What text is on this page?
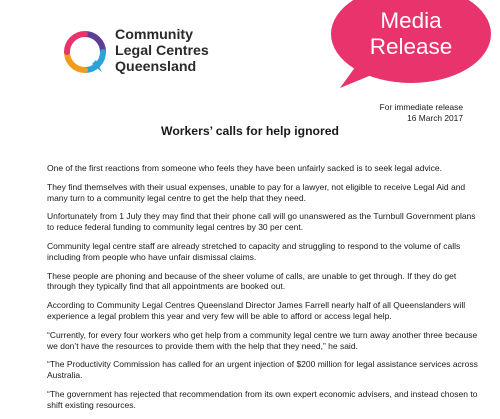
Community
Legal Centres
Queensland
Media
Release
For immediate release
16 March 2017
Workers’ calls for help ignored

One of the first reactions from someone who feels they have been unfairly sacked is to seek legal advice.

They find themselves with their usual expenses, unable to pay for a lawyer, not eligible to receive Legal Aid and many turn to a community legal centre to get the help that they need.

Unfortunately from 1 July they may find that their phone call will go unanswered as the Turnbull Government plans to reduce federal funding to community legal centres by 30 per cent.

Community legal centre staff are already stretched to capacity and struggling to respond to the volume of calls including from people who have unfair dismissal claims.

These people are phoning and because of the sheer volume of calls, are unable to get through. If they do get through they typically find that all appointments are booked out.

According to Community Legal Centres Queensland Director James Farrell nearly half of all Queenslanders will experience a legal problem this year and very few will be able to afford or access legal help.

“Currently, for every four workers who get help from a community legal centre we turn away another three because we don’t have the resources to provide them with the help that they need,” he said.

“The Productivity Commission has called for an urgent injection of $200 million for legal assistance services across Australia.

“The government has rejected that recommendation from its own expert economic advisers, and instead chosen to shift existing resources.
